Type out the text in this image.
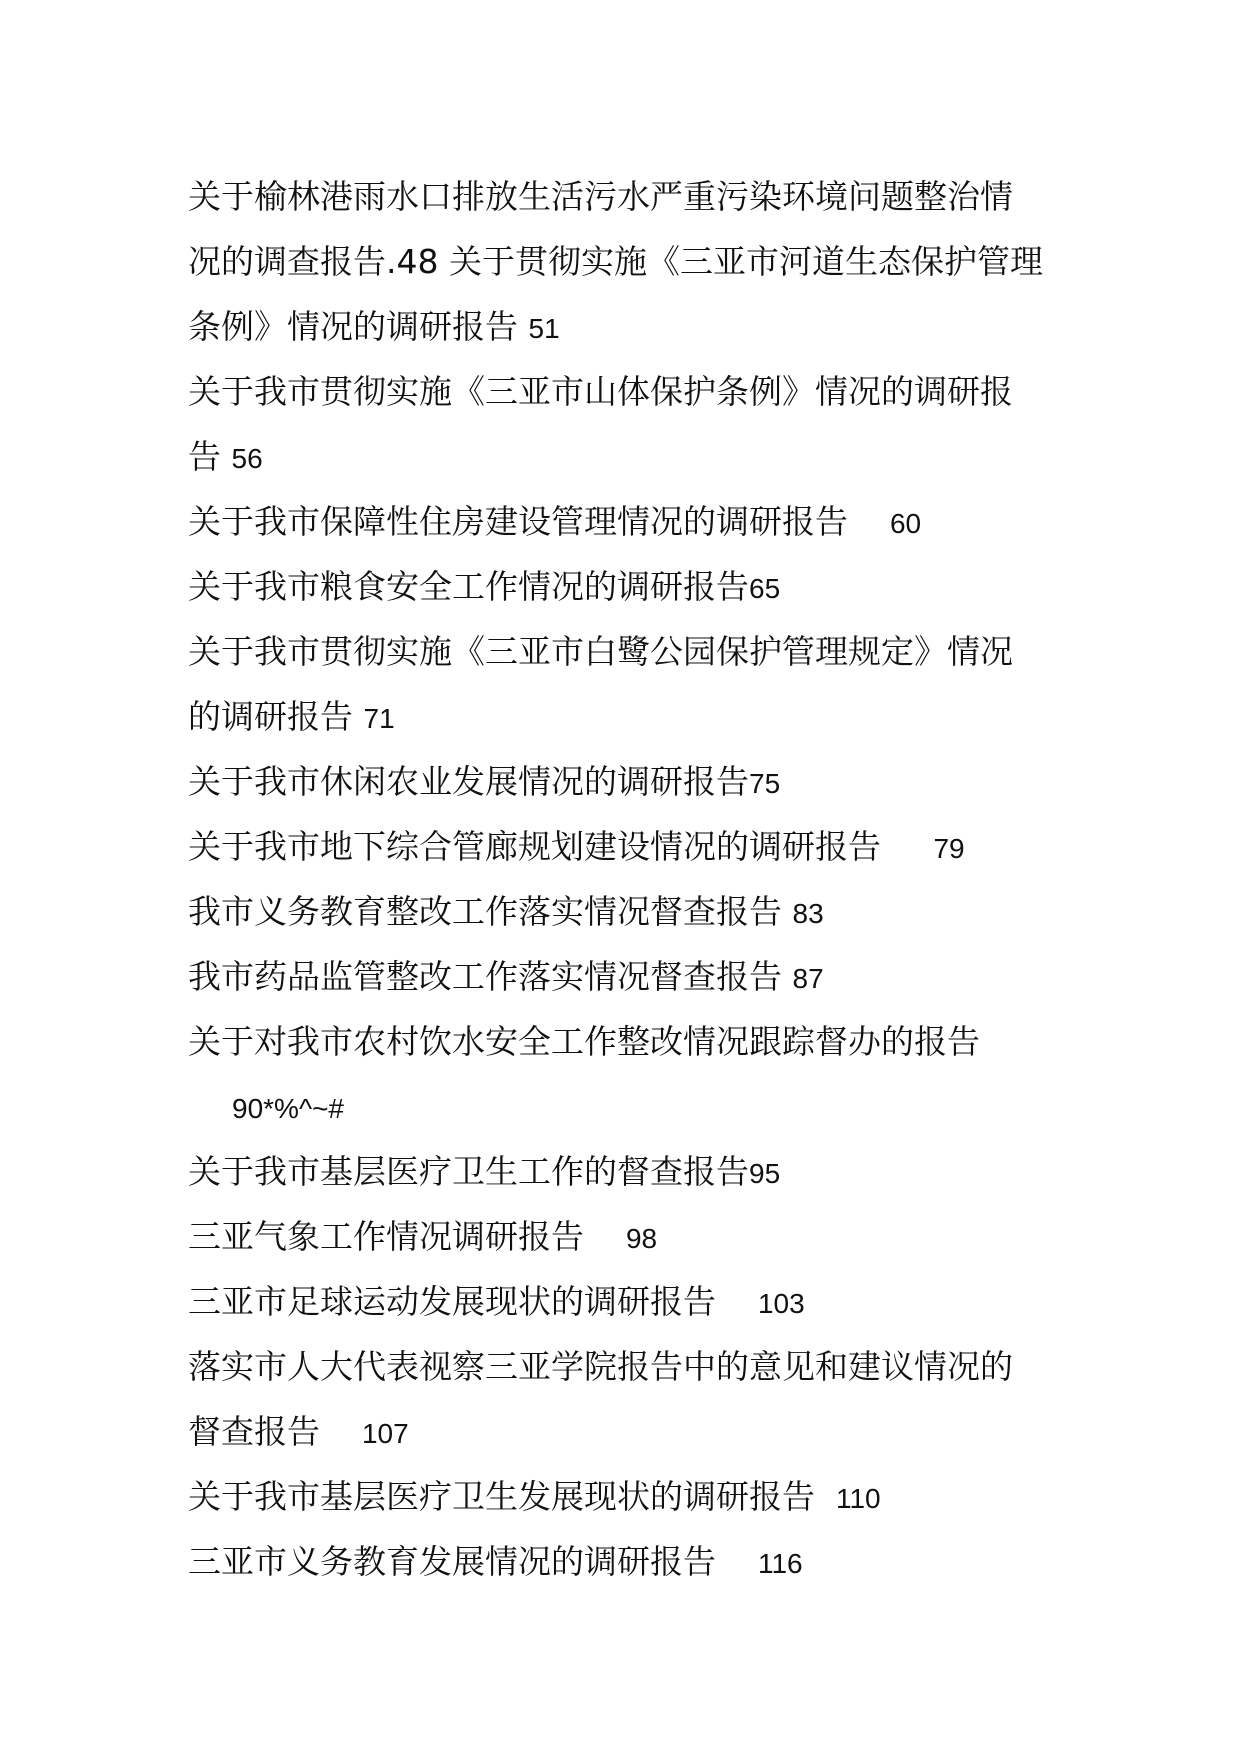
关于榆林港雨水口排放生活污水严重污染环境问题整治情
况的调查报告.48 关于贯彻实施《三亚市河道生态保护管理
条例》情况的调研报告 51
关于我市贯彻实施《三亚市山体保护条例》情况的调研报
告 56
关于我市保障性住房建设管理情况的调研报告    60
关于我市粮食安全工作情况的调研报告65
关于我市贯彻实施《三亚市白鹭公园保护管理规定》情况
的调研报告 71
关于我市休闲农业发展情况的调研报告75
关于我市地下综合管廊规划建设情况的调研报告     79
我市义务教育整改工作落实情况督查报告 83
我市药品监管整改工作落实情况督查报告 87
关于对我市农村饮水安全工作整改情况跟踪督办的报告
90*%^~#
关于我市基层医疗卫生工作的督查报告95
三亚气象工作情况调研报告    98
三亚市足球运动发展现状的调研报告    103
落实市人大代表视察三亚学院报告中的意见和建议情况的
督查报告    107
关于我市基层医疗卫生发展现状的调研报告  110
三亚市义务教育发展情况的调研报告    116
